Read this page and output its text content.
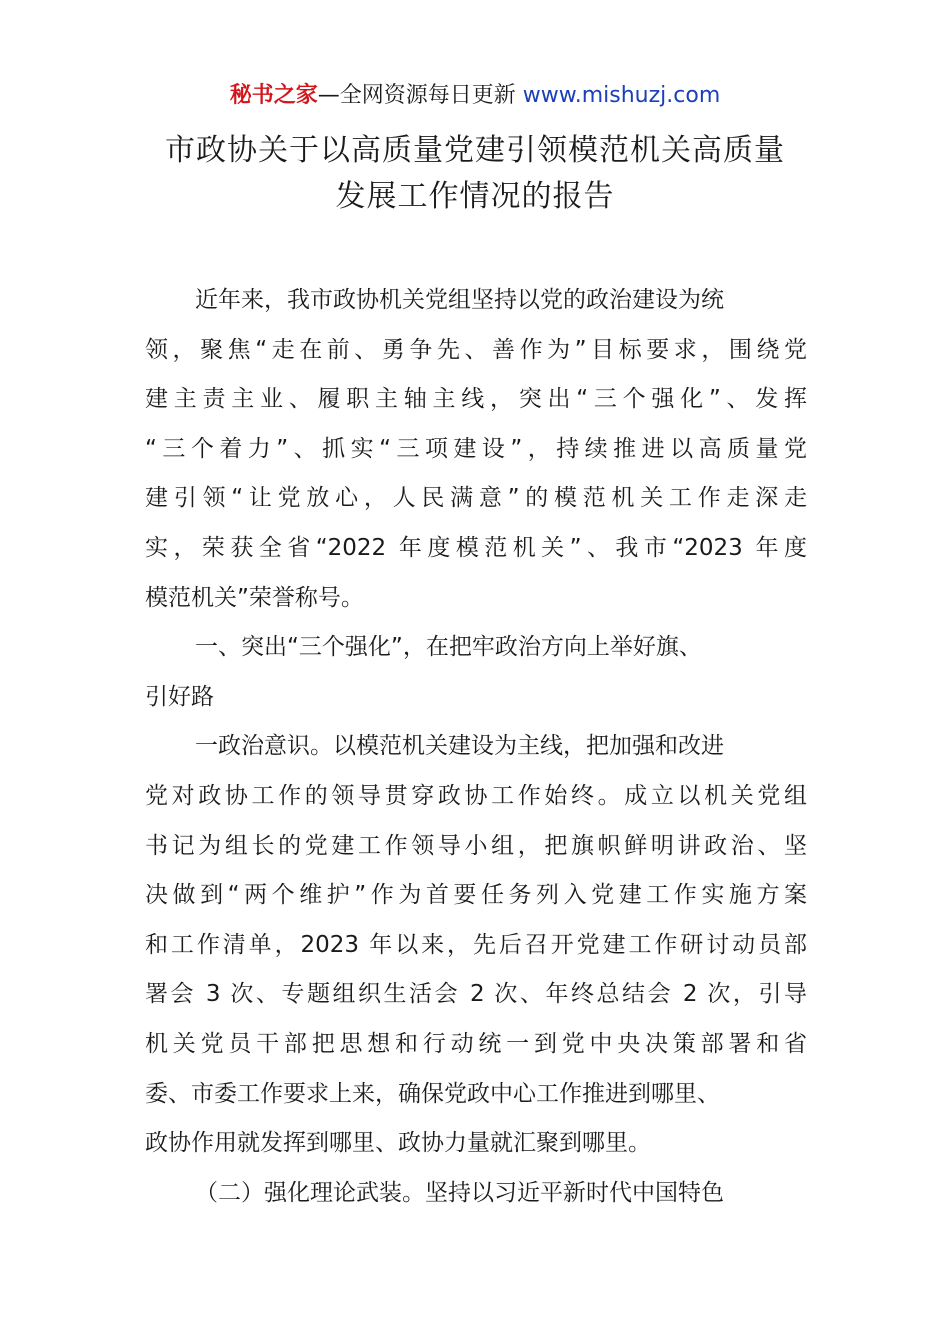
秘书之家—全网资源每日更新 www.mishuzj.com
市政协关于以高质量党建引领模范机关高质量
发展工作情况的报告
近年来，我市政协机关党组坚持以党的政治建设为统
领，聚焦“走在前、勇争先、善作为”目标要求，围绕党
建主责主业、履职主轴主线，突出“三个强化”、发挥
“三个着力”、抓实“三项建设”，持续推进以高质量党
建引领“让党放心，人民满意”的模范机关工作走深走
实，荣获全省“2022 年度模范机关”、我市“2023 年度
模范机关”荣誉称号。
一、突出“三个强化”，在把牢政治方向上举好旗、
引好路
一政治意识。以模范机关建设为主线，把加强和改进
党对政协工作的领导贯穿政协工作始终。成立以机关党组
书记为组长的党建工作领导小组，把旗帜鲜明讲政治、坚
决做到“两个维护”作为首要任务列入党建工作实施方案
和工作清单，2023 年以来，先后召开党建工作研讨动员部
署会 3 次、专题组织生活会 2 次、年终总结会 2 次，引导
机关党员干部把思想和行动统一到党中央决策部署和省
委、市委工作要求上来，确保党政中心工作推进到哪里、
政协作用就发挥到哪里、政协力量就汇聚到哪里。
（二）强化理论武装。坚持以习近平新时代中国特色
